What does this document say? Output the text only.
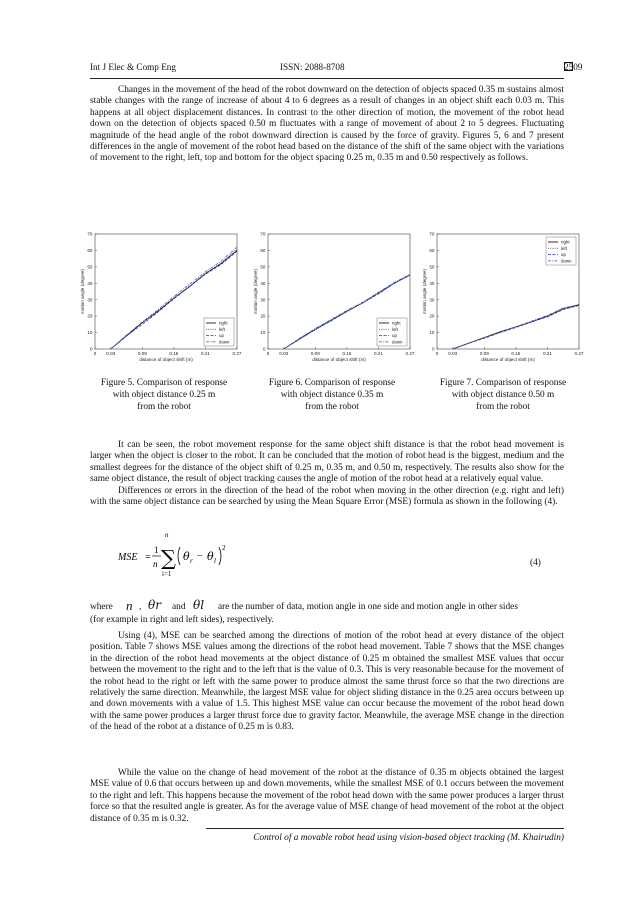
Int J Elec & Comp Eng	ISSN: 2088-8708	2509

Changes in the movement of the head of the robot downward on the detection of objects spaced 0.35 m sustains almost stable changes with the range of increase of about 4 to 6 degrees as a result of changes in an object shift each 0.03 m. This happens at all object displacement distances. In contrast to the other direction of motion, the movement of the robot head down on the detection of objects spaced 0.50 m fluctuates with a range of movement of about 2 to 5 degrees. Fluctuating magnitude of the head angle of the robot downward direction is caused by the force of gravity. Figures 5, 6 and 7 present differences in the angle of movement of the robot head based on the distance of the shift of the same object with the variations of movement to the right, left, top and bottom for the object spacing 0.25 m, 0.35 m and 0.50 respectively as follows.

0
10
20
30
40
50
60
70
0 0.03	0.09	0.15	0.21	0.27
distance of object shift (m)
motion angle (degree)
right
left
up
down
0
10
20
30
40
50
60
70
0 0.03	0.09	0.15	0.21	0.27
distance of object shift (m)
motion angle (degree)
right
left
up
down
0
10
20
30
40
50
60
70
0 0.03	0.09	0.15	0.21	0.27
distance of object shift (m)
motion angle (degree)
right
left
up
down
Figure 5. Comparison of response
with object distance 0.25 m
from the robot
Figure 6. Comparison of response
with object distance 0.35 m
from the robot
Figure 7. Comparison of response
with object distance 0.50 m
from the robot

It can be seen, the robot movement response for the same object shift distance is that the robot head movement is larger when the object is closer to the robot. It can be concluded that the motion of robot head is the biggest, medium and the smallest degrees for the distance of the object shift of 0.25 m, 0.35 m, and 0.50 m, respectively. The results also show for the same object distance, the result of object tracking causes the angle of motion of the robot head at a relatively equal value.

Differences or errors in the direction of the head of the robot when moving in the other direction (e.g. right and left) with the same object distance can be searched by using the Mean Square Error (MSE) formula as shown in the following (4).

MSE =
1
n
n
∑
i=1
θ r − θ l
2
(4)
where n , θr and θl are the number of data, motion angle in one side and motion angle in other sides
(for example in right and left sides), respectively.

Using (4), MSE can be searched among the directions of motion of the robot head at every distance of the object position. Table 7 shows MSE values among the directions of the robot head movement. Table 7 shows that the MSE changes in the direction of the robot head movements at the object distance of 0.25 m obtained the smallest MSE values that occur between the movement to the right and to the left that is the value of 0.3. This is very reasonable because for the movement of the robot head to the right or left with the same power to produce almost the same thrust force so that the two directions are relatively the same direction. Meanwhile, the largest MSE value for object sliding distance in the 0.25 area occurs between up and down movements with a value of 1.5. This highest MSE value can occur because the movement of the robot head down with the same power produces a larger thrust force due to gravity factor. Meanwhile, the average MSE change in the direction of the head of the robot at a distance of 0.25 m is 0.83.

While the value on the change of head movement of the robot at the distance of 0.35 m objects obtained the largest MSE value of 0.6 that occurs between up and down movements, while the smallest MSE of 0.1 occurs between the movement to the right and left. This happens because the movement of the robot head down with the same power produces a larger thrust force so that the resulted angle is greater. As for the average value of MSE change of head movement of the robot at the object distance of 0.35 m is 0.32.

Control of a movable robot head using vision-based object tracking (M. Khairudin)
